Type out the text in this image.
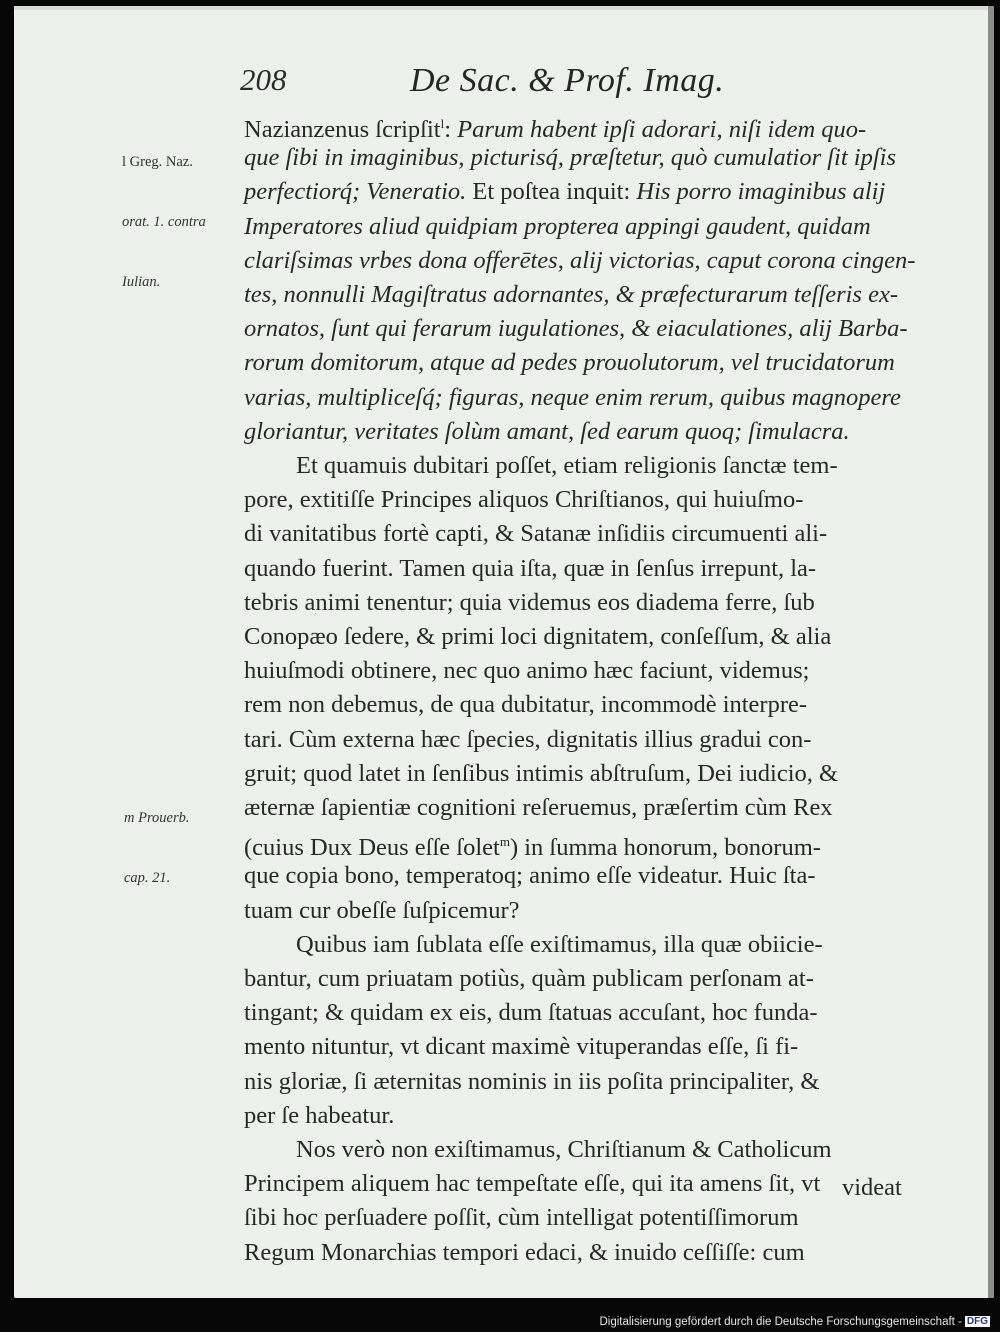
208	De Sac. & Prof. Imag.

l Greg. Naz.

orat. 1. contra

Iulian.

m Prouerb.

cap. 21.

Nazianzenus ſcripſit$^l$: Parum habent ipſi adorari, niſi idem quo-
que ſibi in imaginibus, picturisq́, præſtetur, quò cumulatior ſit ipſis
perfectiorq́; Veneratio. Et poſtea inquit: His porro imaginibus alij
Imperatores aliud quidpiam propterea appingi gaudent, quidam
clariſsimas vrbes dona offerētes, alij victorias, caput corona cingen-
tes, nonnulli Magiſtratus adornantes, & præfecturarum teſſeris ex-
ornatos, ſunt qui ferarum iugulationes, & eiaculationes, alij Barba-
rorum domitorum, atque ad pedes prouolutorum, vel trucidatorum
varias, multipliceſq́; figuras, neque enim rerum, quibus magnopere
gloriantur, veritates ſolùm amant, ſed earum quoq; ſimulacra.
Et quamuis dubitari poſſet, etiam religionis ſanctæ tem-
pore, extitiſſe Principes aliquos Chriſtianos, qui huiuſmo-
di vanitatibus fortè capti, & Satanæ inſidiis circumuenti ali-
quando fuerint. Tamen quia iſta, quæ in ſenſus irrepunt, la-
tebris animi tenentur; quia videmus eos diadema ferre, ſub
Conopæo ſedere, & primi loci dignitatem, conſeſſum, & alia
huiuſmodi obtinere, nec quo animo hæc faciunt, videmus;
rem non debemus, de qua dubitatur, incommodè interpre-
tari. Cùm externa hæc ſpecies, dignitatis illius gradui con-
gruit; quod latet in ſenſibus intimis abſtruſum, Dei iudicio, &
æternæ ſapientiæ cognitioni reſeruemus, præſertim cùm Rex
(cuius Dux Deus eſſe ſolet$^m$) in ſumma honorum, bonorum-
que copia bono, temperatoq; animo eſſe videatur. Huic ſta-
tuam cur obeſſe ſuſpicemur?
Quibus iam ſublata eſſe exiſtimamus, illa quæ obiicie-
bantur, cum priuatam potiùs, quàm publicam perſonam at-
tingant; & quidam ex eis, dum ſtatuas accuſant, hoc funda-
mento nituntur, vt dicant maximè vituperandas eſſe, ſi fi-
nis gloriæ, ſi æternitas nominis in iis poſita principaliter, &
per ſe habeatur.
Nos verò non exiſtimamus, Chriſtianum & Catholicum
Principem aliquem hac tempeſtate eſſe, qui ita amens ſit, vt
ſibi hoc perſuadere poſſit, cùm intelligat potentiſſimorum
Regum Monarchias tempori edaci, & inuido ceſſiſſe: cum
videat
Digitalisierung gefördert durch die Deutsche Forschungsgemeinschaft - DFG
